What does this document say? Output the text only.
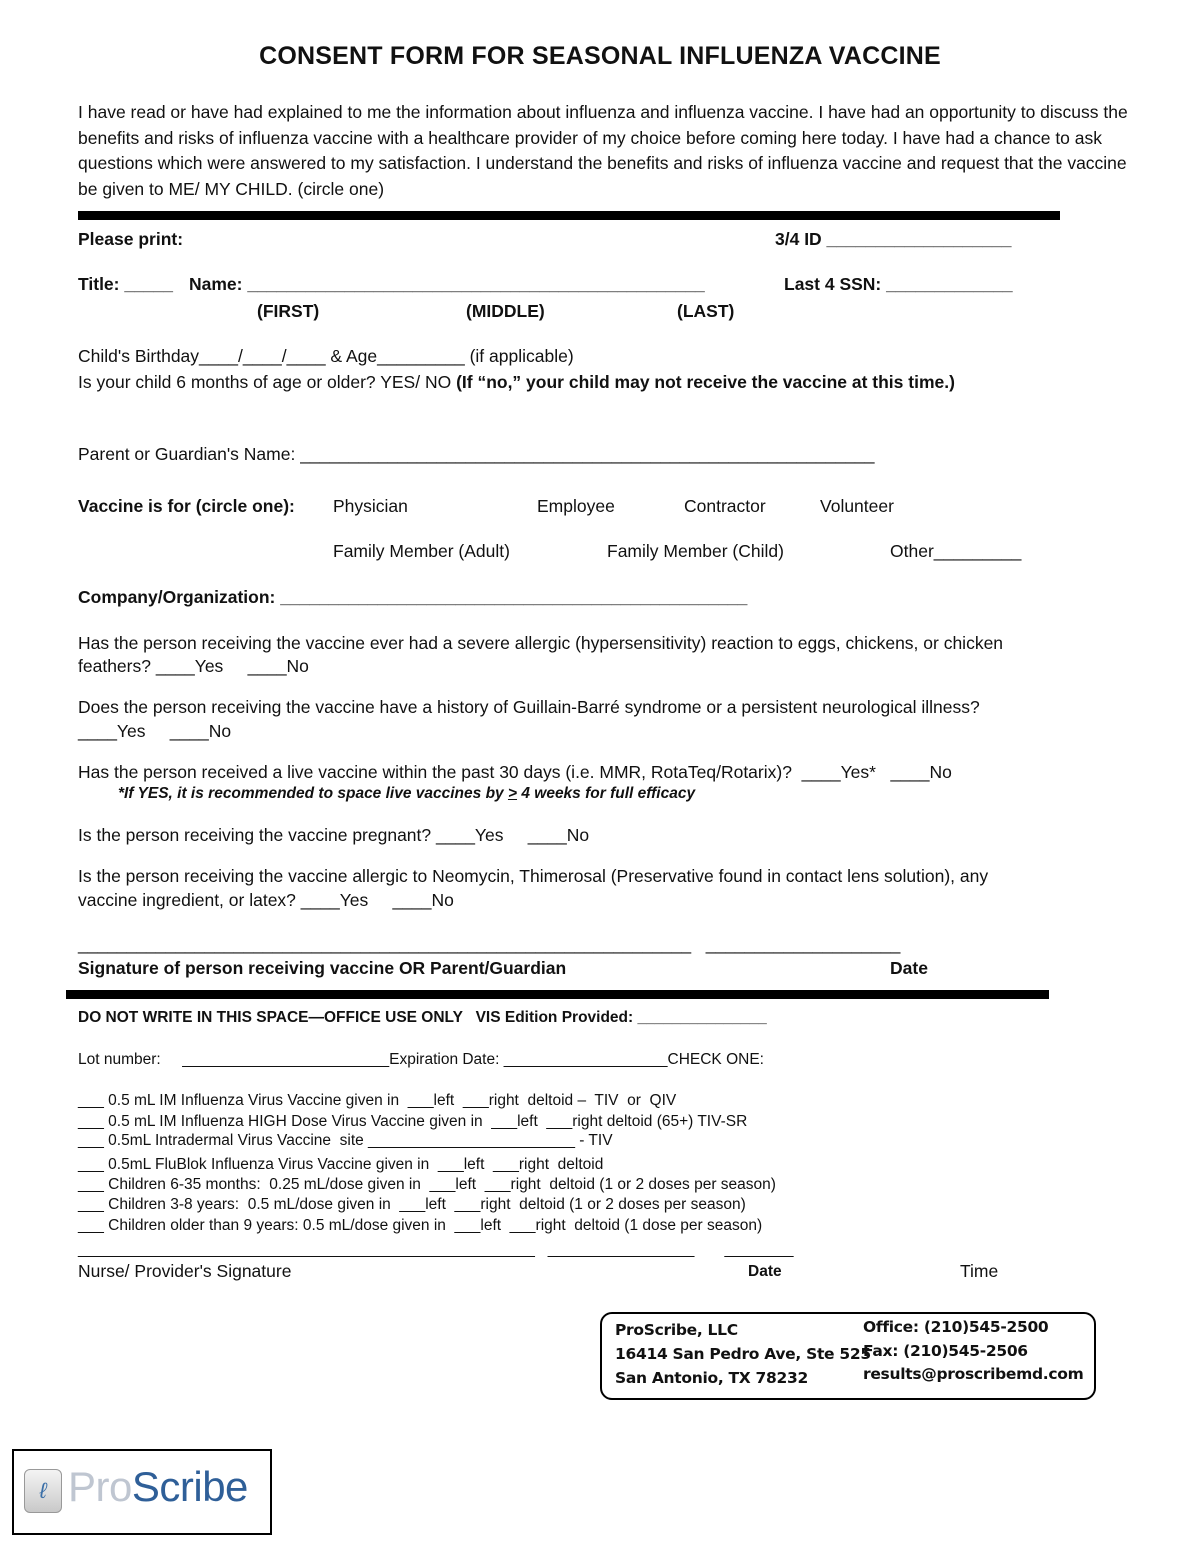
CONSENT FORM FOR SEASONAL INFLUENZA VACCINE
I have read or have had explained to me the information about influenza and influenza vaccine. I have had an opportunity to discuss the benefits and risks of influenza vaccine with a healthcare provider of my choice before coming here today. I have had a chance to ask questions which were answered to my satisfaction. I understand the benefits and risks of influenza vaccine and request that the vaccine be given to ME/ MY CHILD. (circle one)
Please print:	3/4 ID ___________________
Title: _____ Name: _______________________________________________	Last 4 SSN: _____________
(FIRST)	(MIDDLE)	(LAST)
Child's Birthday____/____/____ & Age_________ (if applicable)
Is your child 6 months of age or older? YES/ NO (If “no,” your child may not receive the vaccine at this time.)
Parent or Guardian's Name: ___________________________________________________________
Vaccine is for (circle one): Physician	Employee	Contractor	Volunteer
Family Member (Adult)	Family Member (Child)	Other_________
Company/Organization: ________________________________________________
Has the person receiving the vaccine ever had a severe allergic (hypersensitivity) reaction to eggs, chickens, or chicken
feathers? ____Yes     ____No
Does the person receiving the vaccine have a history of Guillain-Barré syndrome or a persistent neurological illness?
____Yes     ____No
Has the person received a live vaccine within the past 30 days (i.e. MMR, RotaTeq/Rotarix)?  ____Yes*   ____No
*If YES, it is recommended to space live vaccines by ≥ 4 weeks for full efficacy
Is the person receiving the vaccine pregnant? ____Yes     ____No
Is the person receiving the vaccine allergic to Neomycin, Thimerosal (Preservative found in contact lens solution), any
vaccine ingredient, or latex? ____Yes     ____No
_______________________________________________________________   ____________________
Signature of person receiving vaccine OR Parent/Guardian	Date
DO NOT WRITE IN THIS SPACE—OFFICE USE ONLY   VIS Edition Provided: _______________
Lot number:     ________________________Expiration Date: ___________________CHECK ONE:
___ 0.5 mL IM Influenza Virus Vaccine given in  ___left  ___right  deltoid –  TIV  or  QIV
___ 0.5 mL IM Influenza HIGH Dose Virus Vaccine given in  ___left  ___right deltoid (65+) TIV-SR
___ 0.5mL Intradermal Virus Vaccine  site ________________________ - TIV
___ 0.5mL FluBlok Influenza Virus Vaccine given in  ___left  ___right  deltoid
___ Children 6-35 months:  0.25 mL/dose given in  ___left  ___right  deltoid (1 or 2 doses per season)
___ Children 3-8 years:  0.5 mL/dose given in  ___left  ___right  deltoid (1 or 2 doses per season)
___ Children older than 9 years: 0.5 mL/dose given in  ___left  ___right  deltoid (1 dose per season)
_____________________________________________________   _________________       ________
Nurse/ Provider's Signature	Date	Time
ProScribe, LLC
16414 San Pedro Ave, Ste 525
San Antonio, TX 78232
Office: (210)545-2500
Fax: (210)545-2506
results@proscribemd.com
ℓ ProScribe
